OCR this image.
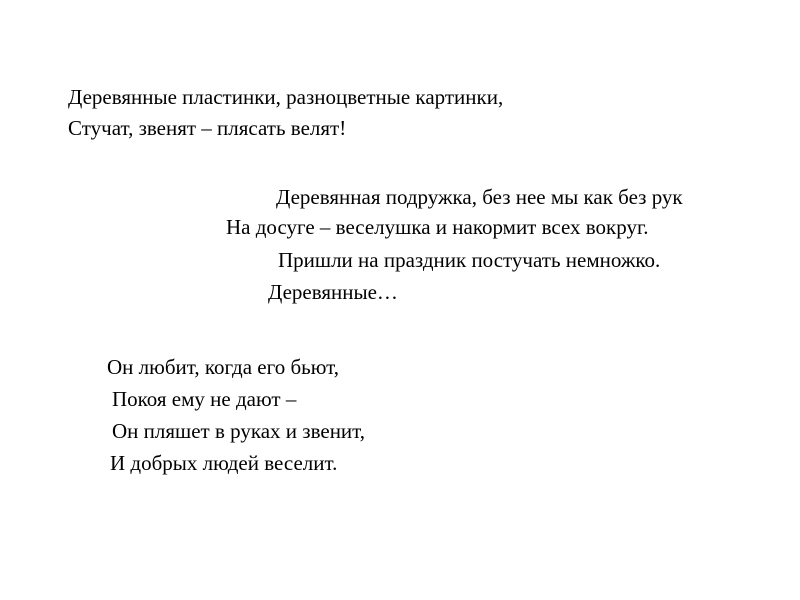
Деревянные пластинки, разноцветные картинки,
Стучат, звенят – плясать велят!
Деревянная подружка, без нее мы как без рук
На досуге – веселушка и накормит всех вокруг.
Пришли на праздник постучать немножко.
Деревянные…
Он любит, когда его бьют,
Покоя ему не дают –
Он пляшет в руках и звенит,
И добрых людей веселит.
